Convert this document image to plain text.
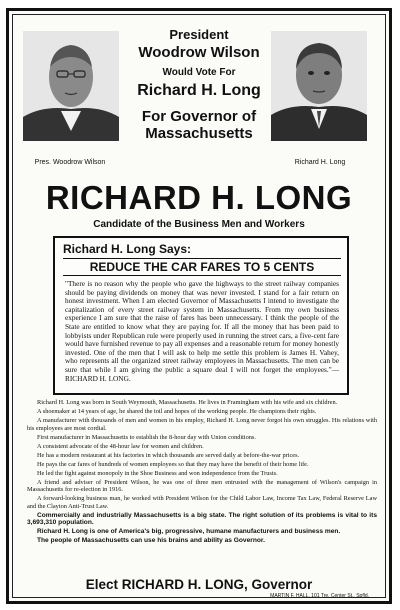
Pres. Woodrow Wilson	Richard H. Long
President
Woodrow Wilson
Would Vote For
Richard H. Long
For Governor of Massachusetts
RICHARD H. LONG
Candidate of the Business Men and Workers
Richard H. Long Says:
REDUCE THE CAR FARES TO 5 CENTS
"There is no reason why the people who gave the highways to the street railway companies should be paying dividends on money that was never invested. I stand for a fair return on honest investment. When I am elected Governor of Massachusetts I intend to investigate the capitalization of every street railway system in Massachusetts. From my own business experience I am sure that the raise of fares has been unnecessary. I think the people of the State are entitled to know what they are paying for. If all the money that has been paid to lobbyists under Republican rule were properly used in running the street cars, a five-cent fare would have furnished revenue to pay all expenses and a reasonable return for money honestly invested. One of the men that I will ask to help me settle this problem is James H. Vahey, who represents all the organized street railway employees in Massachusetts. The men can be sure that while I am giving the public a square deal I will not forget the employees."—RICHARD H. LONG.

Richard H. Long was born in South Weymouth, Massachusetts. He lives in Framingham with his wife and six children.

A shoemaker at 14 years of age, he shared the toil and hopes of the working people. He champions their rights.

A manufacturer with thousands of men and women in his employ, Richard H. Long never forgot his own struggles. His relations with his employees are most cordial.

First manufacturer in Massachusetts to establish the 8-hour day with Union conditions.

A consistent advocate of the 48-hour law for women and children.

He has a modern restaurant at his factories in which thousands are served daily at before-the-war prices.

He pays the car fares of hundreds of women employees so that they may have the benefit of their home life.

He led the fight against monopoly in the Shoe Business and won independence from the Trusts.

A friend and adviser of President Wilson, he was one of three men entrusted with the management of Wilson's campaign in Massachusetts for re-election in 1916.

A forward-looking business man, he worked with President Wilson for the Child Labor Law, Income Tax Law, Federal Reserve Law and the Clayton Anti-Trust Law.

Commercially and industrially Massachusetts is a big state. The right solution of its problems is vital to its 3,693,310 population.

Richard H. Long is one of America's big, progressive, humane manufacturers and business men.

The people of Massachusetts can use his brains and ability as Governor.

Elect RICHARD H. LONG, Governor
MARTIN F. HALL, 101 Tre. Center St., Spfld.
